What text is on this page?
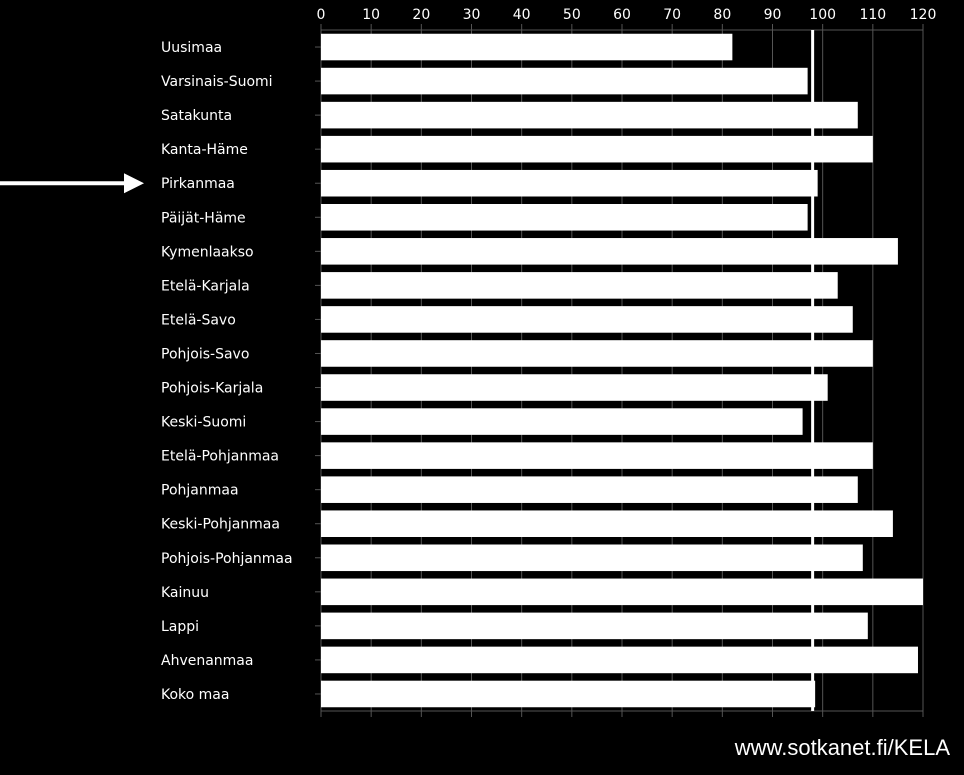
0	10 20 30 40 50 60 70 80 90 100 110 120
Uusimaa
Varsinais-Suomi
Satakunta
Kanta-Häme
Pirkanmaa
Päijät-Häme
Kymenlaakso
Etelä-Karjala
Etelä-Savo
Pohjois-Savo
Pohjois-Karjala
Keski-Suomi
Etelä-Pohjanmaa
Pohjanmaa
Keski-Pohjanmaa
Pohjois-Pohjanmaa
Kainuu
Lappi
Ahvenanmaa
Koko maa
www.sotkanet.fi/KELA
